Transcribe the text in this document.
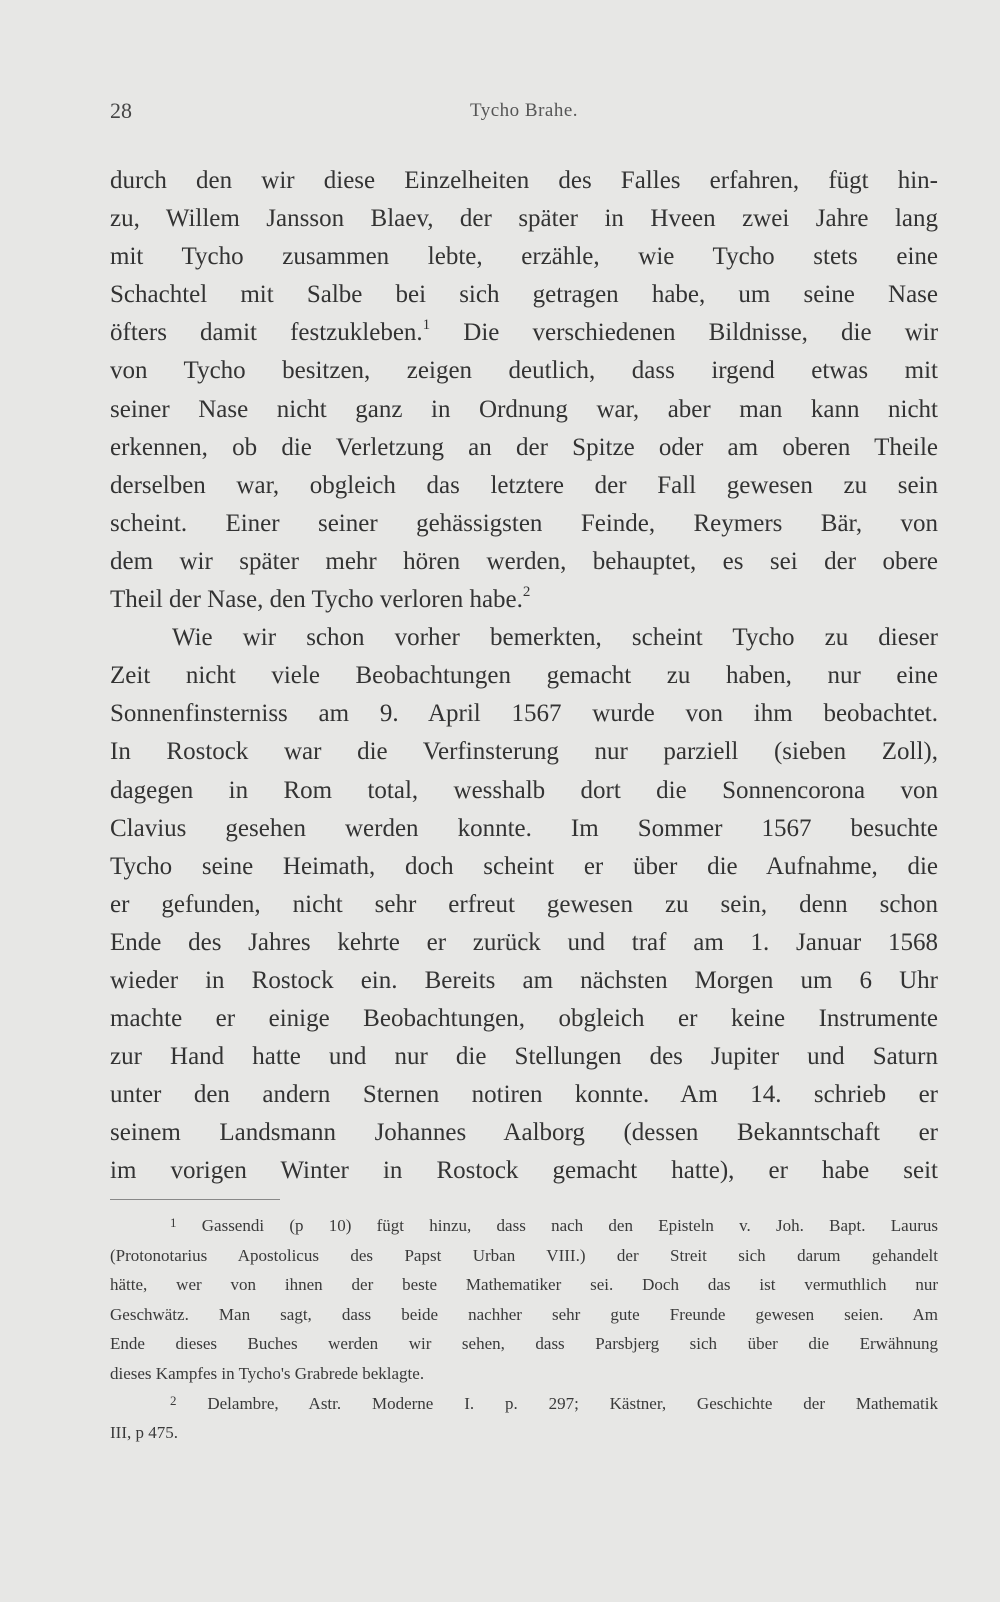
28	Tycho Brahe.
durch den wir diese Einzelheiten des Falles erfahren, fügt hin-
zu, Willem Jansson Blaev, der später in Hveen zwei Jahre lang
mit Tycho zusammen lebte, erzähle, wie Tycho stets eine
Schachtel mit Salbe bei sich getragen habe, um seine Nase
öfters damit festzukleben.$^1$ Die verschiedenen Bildnisse, die wir
von Tycho besitzen, zeigen deutlich, dass irgend etwas mit
seiner Nase nicht ganz in Ordnung war, aber man kann nicht
erkennen, ob die Verletzung an der Spitze oder am oberen Theile
derselben war, obgleich das letztere der Fall gewesen zu sein
scheint. Einer seiner gehässigsten Feinde, Reymers Bär, von
dem wir später mehr hören werden, behauptet, es sei der obere
Theil der Nase, den Tycho verloren habe.$^2$
Wie wir schon vorher bemerkten, scheint Tycho zu dieser
Zeit nicht viele Beobachtungen gemacht zu haben, nur eine
Sonnenfinsterniss am 9. April 1567 wurde von ihm beobachtet.
In Rostock war die Verfinsterung nur parziell (sieben Zoll),
dagegen in Rom total, wesshalb dort die Sonnencorona von
Clavius gesehen werden konnte. Im Sommer 1567 besuchte
Tycho seine Heimath, doch scheint er über die Aufnahme, die
er gefunden, nicht sehr erfreut gewesen zu sein, denn schon
Ende des Jahres kehrte er zurück und traf am 1. Januar 1568
wieder in Rostock ein. Bereits am nächsten Morgen um 6 Uhr
machte er einige Beobachtungen, obgleich er keine Instrumente
zur Hand hatte und nur die Stellungen des Jupiter und Saturn
unter den andern Sternen notiren konnte. Am 14. schrieb er
seinem Landsmann Johannes Aalborg (dessen Bekanntschaft er
im vorigen Winter in Rostock gemacht hatte), er habe seit
$^1$ Gassendi (p 10) fügt hinzu, dass nach den Episteln v. Joh. Bapt. Laurus
(Protonotarius Apostolicus des Papst Urban VIII.) der Streit sich darum gehandelt
hätte, wer von ihnen der beste Mathematiker sei. Doch das ist vermuthlich nur
Geschwätz. Man sagt, dass beide nachher sehr gute Freunde gewesen seien. Am
Ende dieses Buches werden wir sehen, dass Parsbjerg sich über die Erwähnung
dieses Kampfes in Tycho's Grabrede beklagte.
$^2$ Delambre, Astr. Moderne I. p. 297; Kästner, Geschichte der Mathematik
III, p 475.
